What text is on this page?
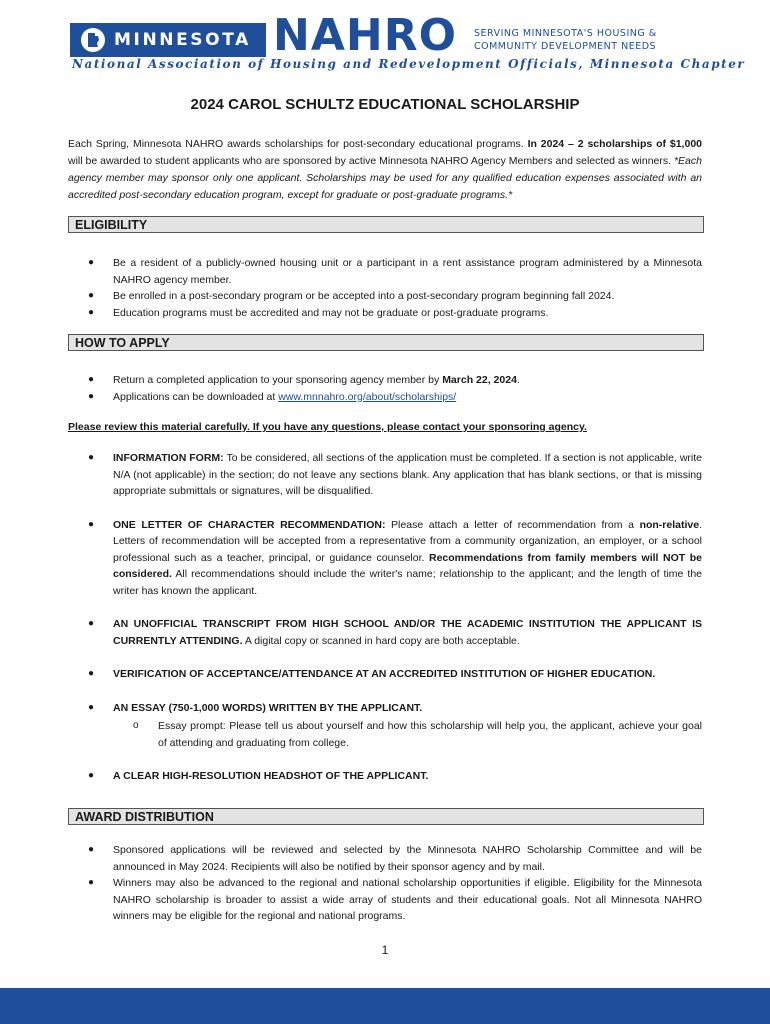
MINNESOTA NAHRO SERVING MINNESOTA'S HOUSING &
COMMUNITY DEVELOPMENT NEEDS
National Association of Housing and Redevelopment Officials, Minnesota Chapter
2024 CAROL SCHULTZ EDUCATIONAL SCHOLARSHIP
Each Spring, Minnesota NAHRO awards scholarships for post-secondary educational programs. In 2024 – 2 scholarships of $1,000 will be awarded to student applicants who are sponsored by active Minnesota NAHRO Agency Members and selected as winners. *Each agency member may sponsor only one applicant. Scholarships may be used for any qualified education expenses associated with an accredited post-secondary education program, except for graduate or post-graduate programs.*
ELIGIBILITY
● Be a resident of a publicly-owned housing unit or a participant in a rent assistance program administered by a Minnesota NAHRO agency member.
● Be enrolled in a post-secondary program or be accepted into a post-secondary program beginning fall 2024.
● Education programs must be accredited and may not be graduate or post-graduate programs.
HOW TO APPLY
● Return a completed application to your sponsoring agency member by March 22, 2024.
● Applications can be downloaded at www.mnnahro.org/about/scholarships/
Please review this material carefully. If you have any questions, please contact your sponsoring agency.
● INFORMATION FORM: To be considered, all sections of the application must be completed. If a section is not applicable, write N/A (not applicable) in the section; do not leave any sections blank. Any application that has blank sections, or that is missing appropriate submittals or signatures, will be disqualified.
● ONE LETTER OF CHARACTER RECOMMENDATION: Please attach a letter of recommendation from a non-relative. Letters of recommendation will be accepted from a representative from a community organization, an employer, or a school professional such as a teacher, principal, or guidance counselor. Recommendations from family members will NOT be considered. All recommendations should include the writer's name; relationship to the applicant; and the length of time the writer has known the applicant.
● AN UNOFFICIAL TRANSCRIPT FROM HIGH SCHOOL AND/OR THE ACADEMIC INSTITUTION THE APPLICANT IS CURRENTLY ATTENDING. A digital copy or scanned in hard copy are both acceptable.
● VERIFICATION OF ACCEPTANCE/ATTENDANCE AT AN ACCREDITED INSTITUTION OF HIGHER EDUCATION.
● AN ESSAY (750-1,000 WORDS) WRITTEN BY THE APPLICANT.
o Essay prompt: Please tell us about yourself and how this scholarship will help you, the applicant, achieve your goal of attending and graduating from college.
● A CLEAR HIGH-RESOLUTION HEADSHOT OF THE APPLICANT.
AWARD DISTRIBUTION
● Sponsored applications will be reviewed and selected by the Minnesota NAHRO Scholarship Committee and will be announced in May 2024. Recipients will also be notified by their sponsor agency and by mail.
● Winners may also be advanced to the regional and national scholarship opportunities if eligible. Eligibility for the Minnesota NAHRO scholarship is broader to assist a wide array of students and their educational goals. Not all Minnesota NAHRO winners may be eligible for the regional and national programs.
1
